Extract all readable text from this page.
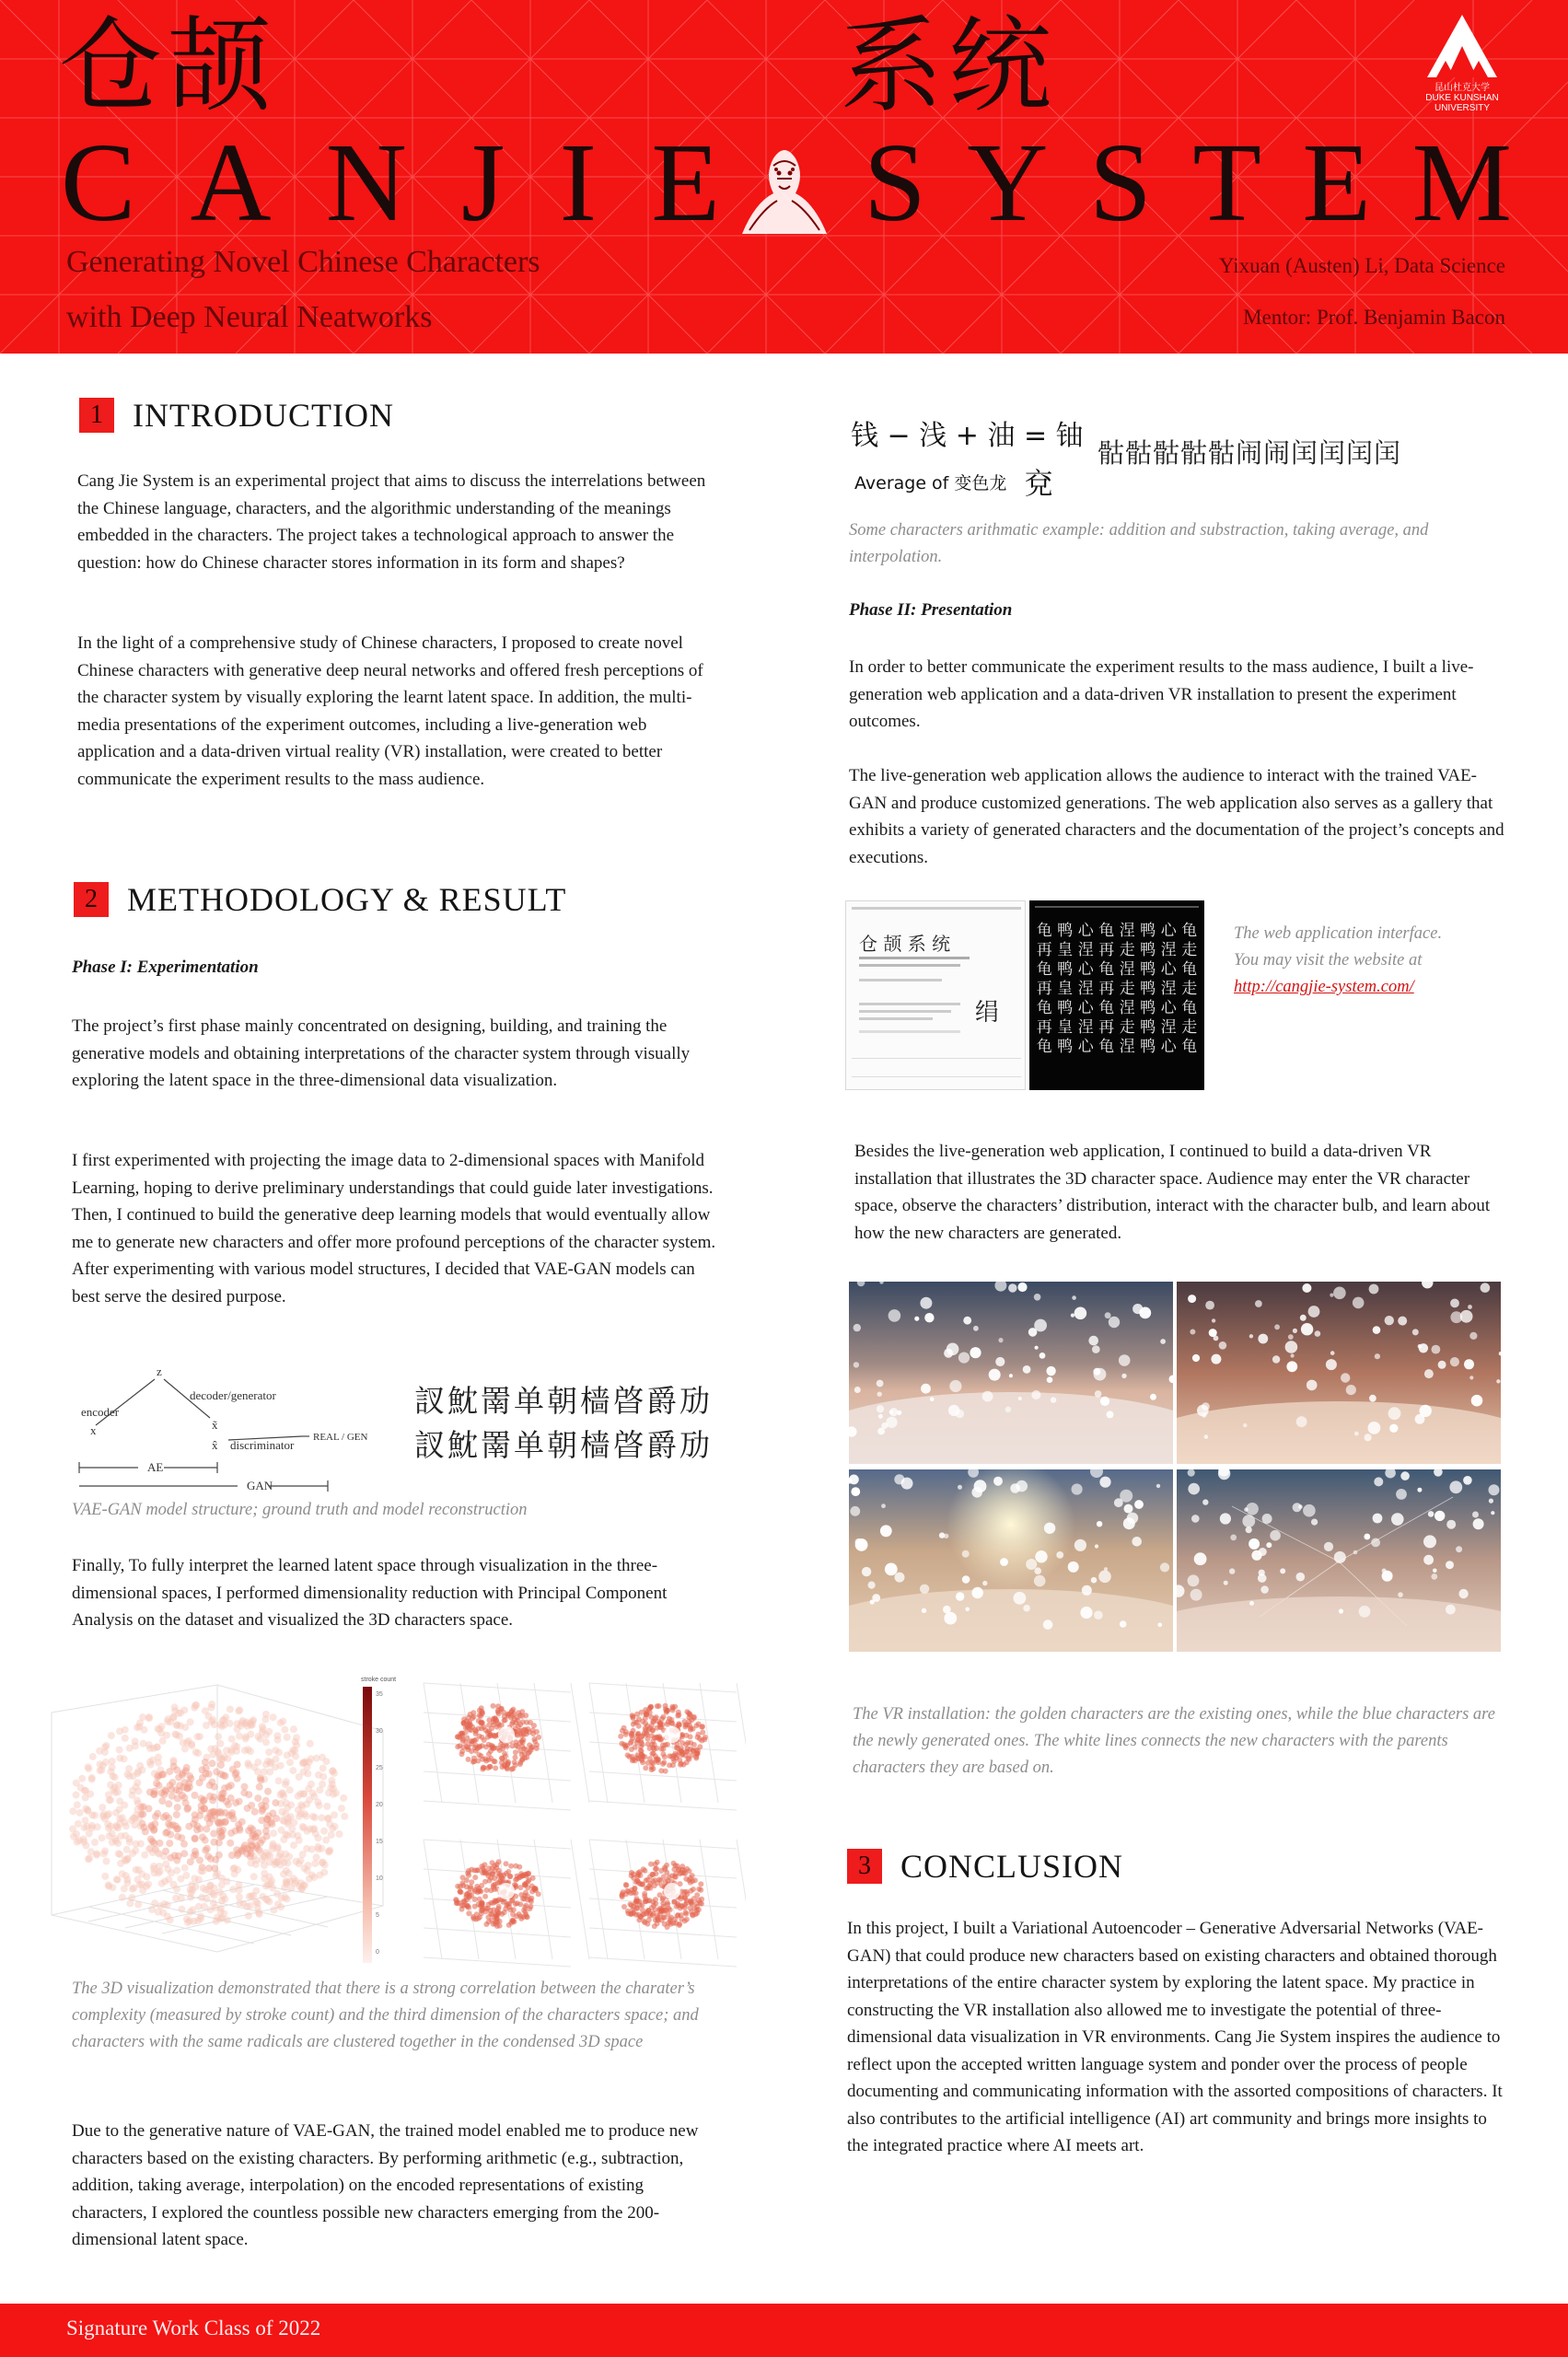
仓颉	系统
C A N J I E S Y S T E M
昆山杜克大学
DUKE KUNSHAN
UNIVERSITY
Generating Novel Chinese Characters
with Deep Neural Neatworks
Yixuan (Austen) Li, Data Science
Mentor: Prof. Benjamin Bacon
1 INTRODUCTION
Cang Jie System is an experimental project that aims to discuss the interrelations between the Chinese language, characters, and the algorithmic understanding of the meanings embedded in the characters. The project takes a technological approach to answer the question: how do Chinese character stores information in its form and shapes?
In the light of a comprehensive study of Chinese characters, I proposed to create novel Chinese characters with generative deep neural networks and offered fresh perceptions of the character system by visually exploring the learnt latent space. In addition, the multi-media presentations of the experiment outcomes, including a live-generation web application and a data-driven virtual reality (VR) installation, were created to better communicate the experiment results to the mass audience.
2 METHODOLOGY & RESULT
Phase I: Experimentation
The project’s first phase mainly concentrated on designing, building, and training the generative models and obtaining interpretations of the character system through visually exploring the latent space in the three-dimensional data visualization.
I first experimented with projecting the image data to 2-dimensional spaces with Manifold Learning, hoping to derive preliminary understandings that could guide later investigations. Then, I continued to build the generative deep learning models that would eventually allow me to generate new characters and offer more profound perceptions of the character system. After experimenting with various model structures, I decided that VAE-GAN models can best serve the desired purpose.
z
encoder
decoder/generator
x	x̃
x̂ discriminator
REAL / GEN
AE
GAN
訍魫罱单朝樯晵爵劢
訍魫罱单朝樯晵爵劢
VAE-GAN model structure; ground truth and model reconstruction
Finally, To fully interpret the learned latent space through visualization in the three-dimensional spaces, I performed dimensionality reduction with Principal Component Analysis on the dataset and visualized the 3D characters space.
stroke count
35
30
25
20
15
10
5
0
The 3D visualization demonstrated that there is a strong correlation between the charater’s complexity (measured by stroke count) and the third dimension of the characters space; and characters with the same radicals are clustered together in the condensed 3D space
Due to the generative nature of VAE-GAN, the trained model enabled me to produce new characters based on the existing characters. By performing arithmetic (e.g., subtraction, addition, taking average, interpolation) on the encoded representations of existing characters, I explored the countless possible new characters emerging from the 200-dimensional latent space.
钱 − 浅 + 油 = 铀
Average of 变色龙 兗
骷骷骷骷骷闹闹闰闰闰闰
Some characters arithmatic example: addition and substraction, taking average, and interpolation.
Phase II: Presentation
In order to better communicate the experiment results to the mass audience, I built a live-generation web application and a data-driven VR installation to present the experiment outcomes.
The live-generation web application allows the audience to interact with the trained VAE-GAN and produce customized generations. The web application also serves as a gallery that exhibits a variety of generated characters and the documentation of the project’s concepts and executions.
仓 颉 系 统
绢
龟 鸭 心 龟 涅 鸭 心 龟
再 皇 涅 再 走 鸭 涅 走
龟 鸭 心 龟 涅 鸭 心 龟
再 皇 涅 再 走 鸭 涅 走
龟 鸭 心 龟 涅 鸭 心 龟
再 皇 涅 再 走 鸭 涅 走
龟 鸭 心 龟 涅 鸭 心 龟
The web application interface.
You may visit the website at
http://cangjie-system.com/
Besides the live-generation web application, I continued to build a data-driven VR installation that illustrates the 3D character space. Audience may enter the VR character space, observe the characters’ distribution, interact with the character bulb, and learn about how the new characters are generated.
The VR installation: the golden characters are the existing ones, while the blue characters are the newly generated ones. The white lines connects the new characters with the parents characters they are based on.
3 CONCLUSION
In this project, I built a Variational Autoencoder – Generative Adversarial Networks (VAE-GAN) that could produce new characters based on existing characters and obtained thorough interpretations of the entire character system by exploring the latent space. My practice in constructing the VR installation also allowed me to investigate the potential of three-dimensional data visualization in VR environments. Cang Jie System inspires the audience to reflect upon the accepted written language system and ponder over the process of people documenting and communicating information with the assorted compositions of characters. It also contributes to the artificial intelligence (AI) art community and brings more insights to the integrated practice where AI meets art.
Signature Work Class of 2022
